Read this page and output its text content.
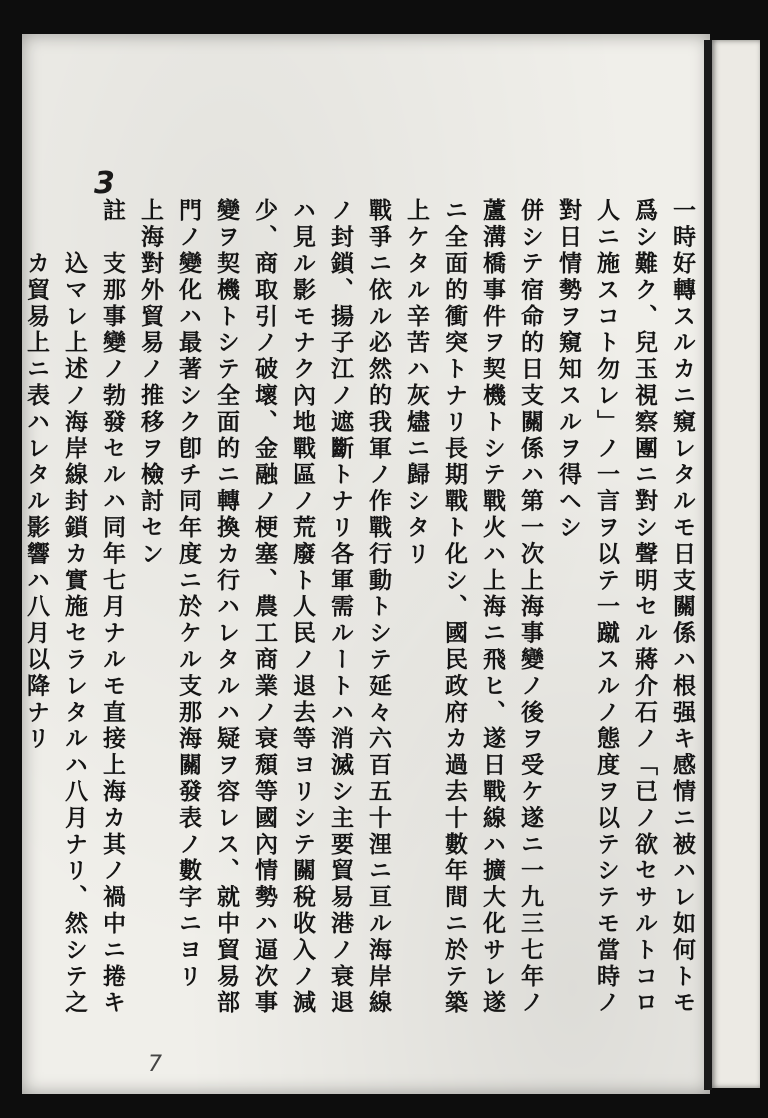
3
一時好轉スルカニ窺レタルモ日支關係ハ根强キ感情ニ被ハレ如何トモ
爲シ難ク、兒玉視察團ニ對シ聲明セル蔣介石ノ「已ノ欲セサルトコロ
人ニ施スコト勿レ」ノ一言ヲ以テ一蹴スルノ態度ヲ以テシテモ當時ノ
對日情勢ヲ窺知スルヲ得ヘシ
併シテ宿命的日支關係ハ第一次上海事變ノ後ヲ受ケ遂ニ一九三七年ノ
蘆溝橋事件ヲ契機トシテ戰火ハ上海ニ飛ヒ、遂日戰線ハ擴大化サレ遂
ニ全面的衝突トナリ長期戰ト化シ、國民政府カ過去十數年間ニ於テ築
上ケタル辛苦ハ灰燼ニ歸シタリ
戰爭ニ依ル必然的我軍ノ作戰行動トシテ延々六百五十浬ニ亘ル海岸線
ノ封鎖、揚子江ノ遮斷トナリ各軍需ルートハ消滅シ主要貿易港ノ衰退
ハ見ル影モナク內地戰區ノ荒廢ト人民ノ退去等ヨリシテ關稅收入ノ減
少、商取引ノ破壞、金融ノ梗塞、農工商業ノ衰頹等國內情勢ハ逼次事
變ヲ契機トシテ全面的ニ轉換カ行ハレタルハ疑ヲ容レス、就中貿易部
門ノ變化ハ最著シク卽チ同年度ニ於ケル支那海關發表ノ數字ニヨリ
上海對外貿易ノ推移ヲ檢討セン
註　支那事變ノ勃發セルハ同年七月ナルモ直接上海カ其ノ禍中ニ捲キ
　　込マレ上述ノ海岸線封鎖カ實施セラレタルハ八月ナリ、然シテ之
　　カ貿易上ニ表ハレタル影響ハ八月以降ナリ
7
